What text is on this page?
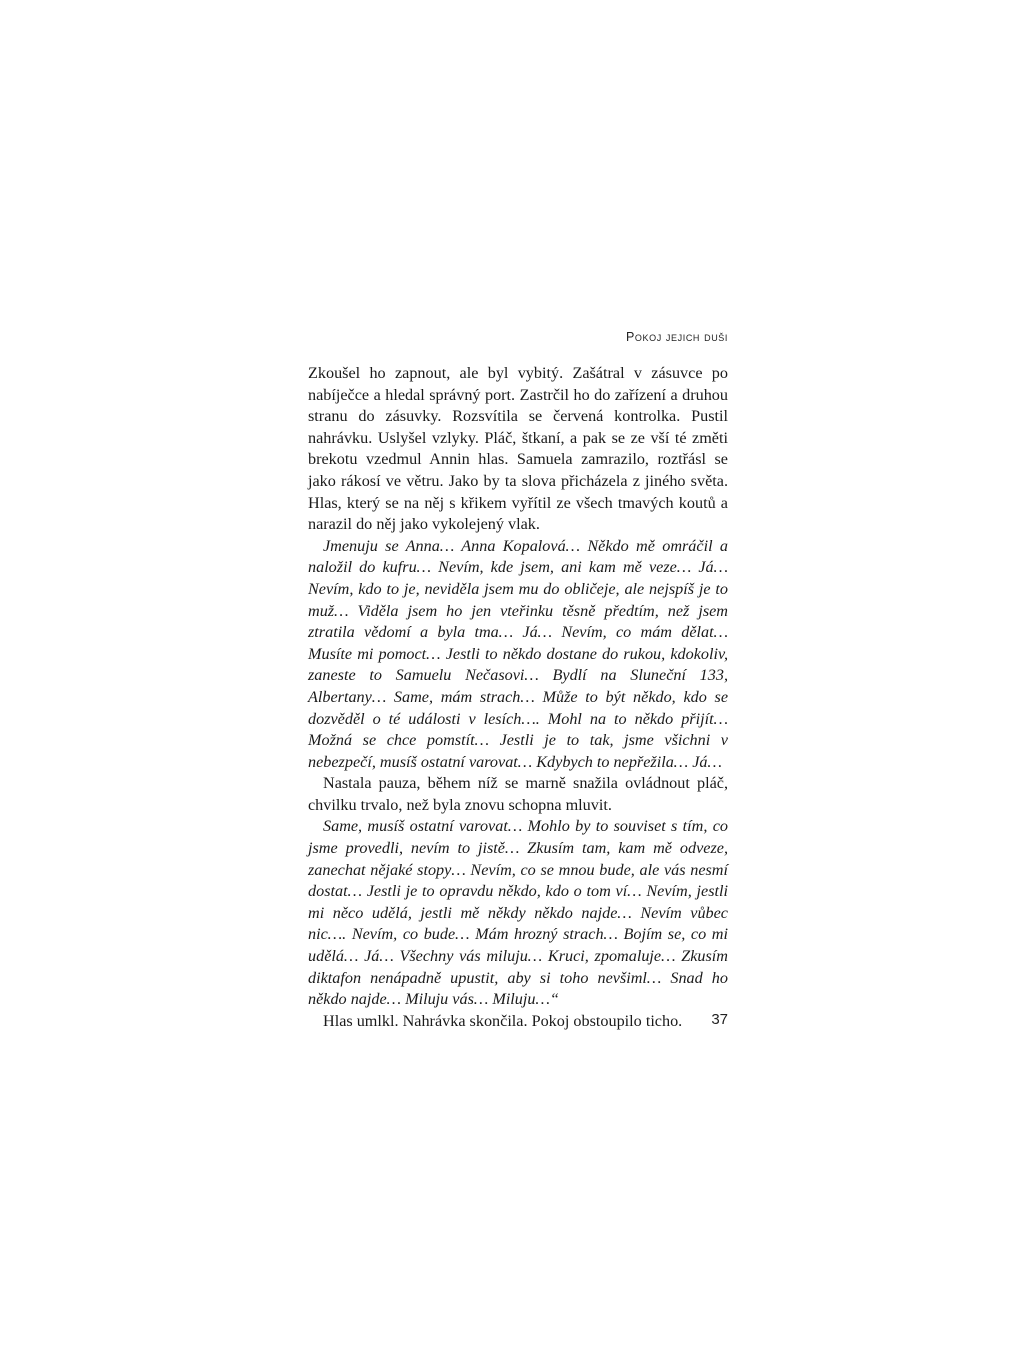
Pokoj jejich duši

Zkoušel ho zapnout, ale byl vybitý. Zašátral v zásuvce po nabíječce a hledal správný port. Zastrčil ho do zařízení a druhou stranu do zásuvky. Rozsvítila se červená kontrolka. Pustil nahrávku. Uslyšel vzlyky. Pláč, štkaní, a pak se ze vší té změti brekotu vzedmul Annin hlas. Samuela zamrazilo, roztřásl se jako rákosí ve větru. Jako by ta slova přicházela z jiného světa. Hlas, který se na něj s křikem vyřítil ze všech tmavých koutů a narazil do něj jako vykolejený vlak.

Jmenuju se Anna… Anna Kopalová… Někdo mě omráčil a naložil do kufru… Nevím, kde jsem, ani kam mě veze… Já… Nevím, kdo to je, neviděla jsem mu do obličeje, ale nejspíš je to muž… Viděla jsem ho jen vteřinku těsně předtím, než jsem ztratila vědomí a byla tma… Já… Nevím, co mám dělat… Musíte mi pomoct… Jestli to někdo dostane do rukou, kdokoliv, zaneste to Samuelu Nečasovi… Bydlí na Sluneční 133, Albertany… Same, mám strach… Může to být někdo, kdo se dozvěděl o té události v lesích…. Mohl na to někdo přijít… Možná se chce pomstít… Jestli je to tak, jsme všichni v nebezpečí, musíš ostatní varovat… Kdybych to nepřežila… Já…

Nastala pauza, během níž se marně snažila ovládnout pláč, chvilku trvalo, než byla znovu schopna mluvit.

Same, musíš ostatní varovat… Mohlo by to souviset s tím, co jsme provedli, nevím to jistě… Zkusím tam, kam mě odveze, zanechat nějaké stopy… Nevím, co se mnou bude, ale vás nesmí dostat… Jestli je to opravdu někdo, kdo o tom ví… Nevím, jestli mi něco udělá, jestli mě někdy někdo najde… Nevím vůbec nic…. Nevím, co bude… Mám hrozný strach… Bojím se, co mi udělá… Já… Všechny vás miluju… Kruci, zpomaluje… Zkusím diktafon nenápadně upustit, aby si toho nevšiml… Snad ho někdo najde… Miluju vás… Miluju…“

Hlas umlkl. Nahrávka skončila. Pokoj obstoupilo ticho.	37
